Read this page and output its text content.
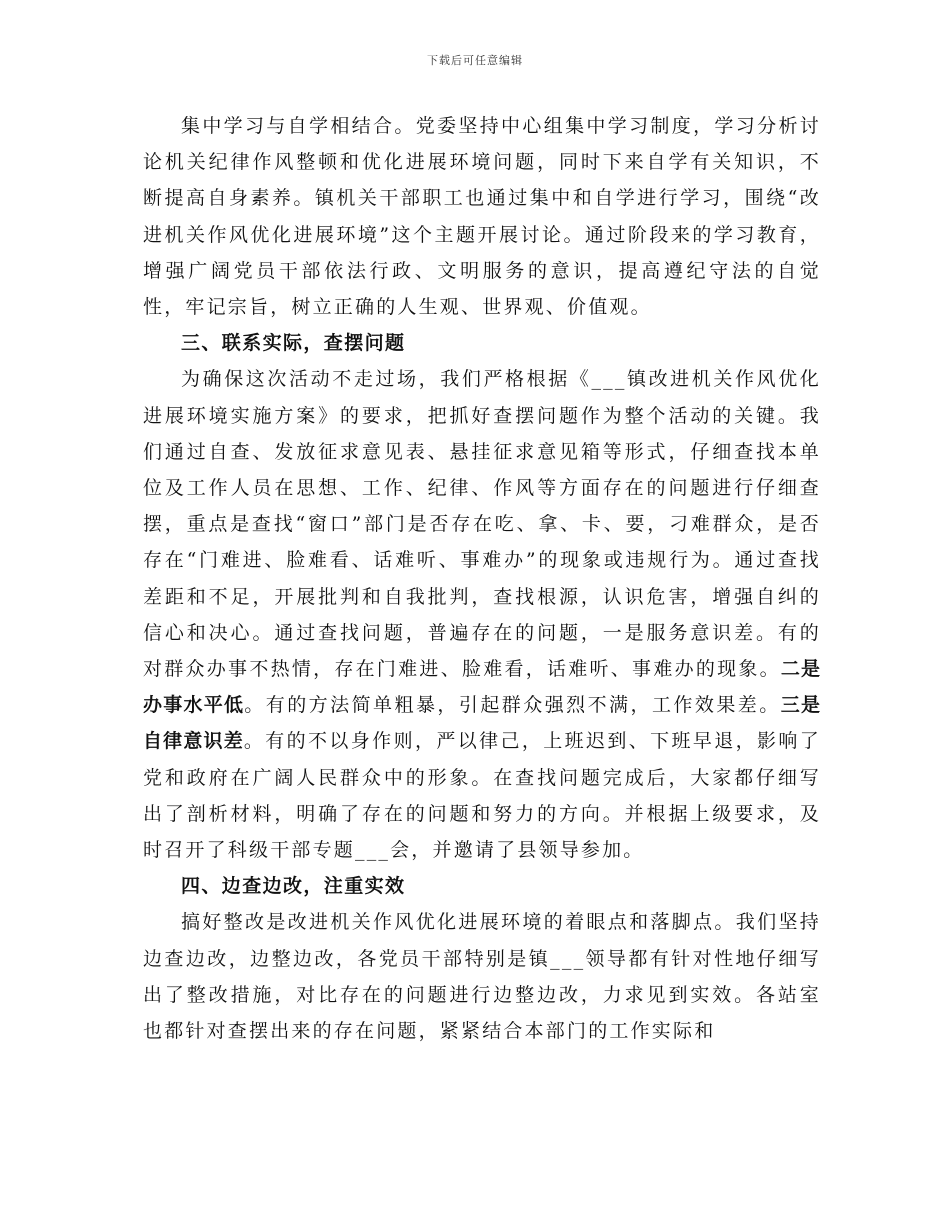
下载后可任意编辑

集中学习与自学相结合。党委坚持中心组集中学习制度，学习分析讨论机关纪律作风整顿和优化进展环境问题，同时下来自学有关知识，不断提高自身素养。镇机关干部职工也通过集中和自学进行学习，围绕“改进机关作风优化进展环境”这个主题开展讨论。通过阶段来的学习教育，增强广阔党员干部依法行政、文明服务的意识，提高遵纪守法的自觉性，牢记宗旨，树立正确的人生观、世界观、价值观。

三、联系实际，查摆问题

为确保这次活动不走过场，我们严格根据《___镇改进机关作风优化进展环境实施方案》的要求，把抓好查摆问题作为整个活动的关键。我们通过自查、发放征求意见表、悬挂征求意见箱等形式，仔细查找本单位及工作人员在思想、工作、纪律、作风等方面存在的问题进行仔细查摆，重点是查找“窗口”部门是否存在吃、拿、卡、要，刁难群众，是否存在“门难进、脸难看、话难听、事难办”的现象或违规行为。通过查找差距和不足，开展批判和自我批判，查找根源，认识危害，增强自纠的信心和决心。通过查找问题，普遍存在的问题，一是服务意识差。有的对群众办事不热情，存在门难进、脸难看，话难听、事难办的现象。二是办事水平低。有的方法简单粗暴，引起群众强烈不满，工作效果差。三是自律意识差。有的不以身作则，严以律己，上班迟到、下班早退，影响了党和政府在广阔人民群众中的形象。在查找问题完成后，大家都仔细写出了剖析材料，明确了存在的问题和努力的方向。并根据上级要求，及时召开了科级干部专题___会，并邀请了县领导参加。

四、边查边改，注重实效

搞好整改是改进机关作风优化进展环境的着眼点和落脚点。我们坚持边查边改，边整边改，各党员干部特别是镇___领导都有针对性地仔细写出了整改措施，对比存在的问题进行边整边改，力求见到实效。各站室也都针对查摆出来的存在问题，紧紧结合本部门的工作实际和
